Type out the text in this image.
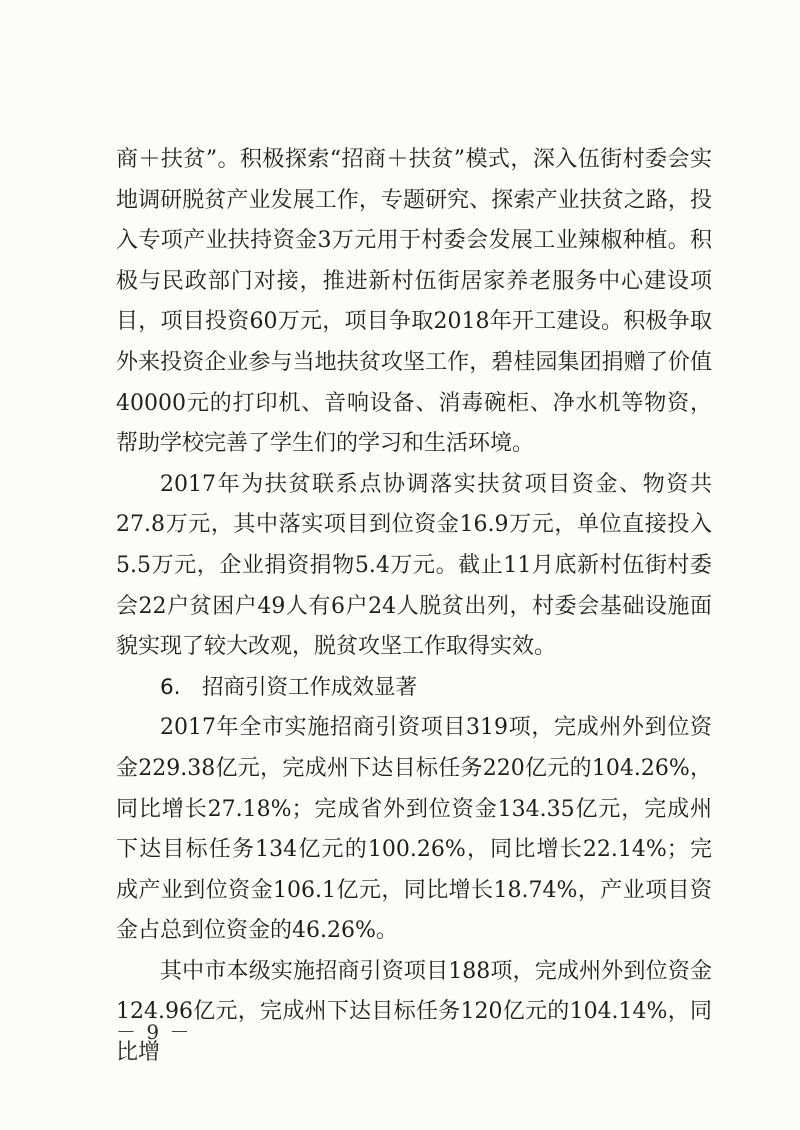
商＋扶贫”。积极探索“招商＋扶贫”模式，深入伍街村委会实地调研脱贫产业发展工作，专题研究、探索产业扶贫之路，投入专项产业扶持资金3万元用于村委会发展工业辣椒种植。积极与民政部门对接，推进新村伍街居家养老服务中心建设项目，项目投资60万元，项目争取2018年开工建设。积极争取外来投资企业参与当地扶贫攻坚工作，碧桂园集团捐赠了价值40000元的打印机、音响设备、消毒碗柜、净水机等物资，帮助学校完善了学生们的学习和生活环境。

2017年为扶贫联系点协调落实扶贫项目资金、物资共27.8万元，其中落实项目到位资金16.9万元，单位直接投入5.5万元，企业捐资捐物5.4万元。截止11月底新村伍街村委会22户贫困户49人有6户24人脱贫出列，村委会基础设施面貌实现了较大改观，脱贫攻坚工作取得实效。

6.　招商引资工作成效显著

2017年全市实施招商引资项目319项，完成州外到位资金229.38亿元，完成州下达目标任务220亿元的104.26%，同比增长27.18%；完成省外到位资金134.35亿元，完成州下达目标任务134亿元的100.26%，同比增长22.14%；完成产业到位资金106.1亿元，同比增长18.74%，产业项目资金占总到位资金的46.26%。

其中市本级实施招商引资项目188项，完成州外到位资金124.96亿元，完成州下达目标任务120亿元的104.14%，同比增

－ 9 －
